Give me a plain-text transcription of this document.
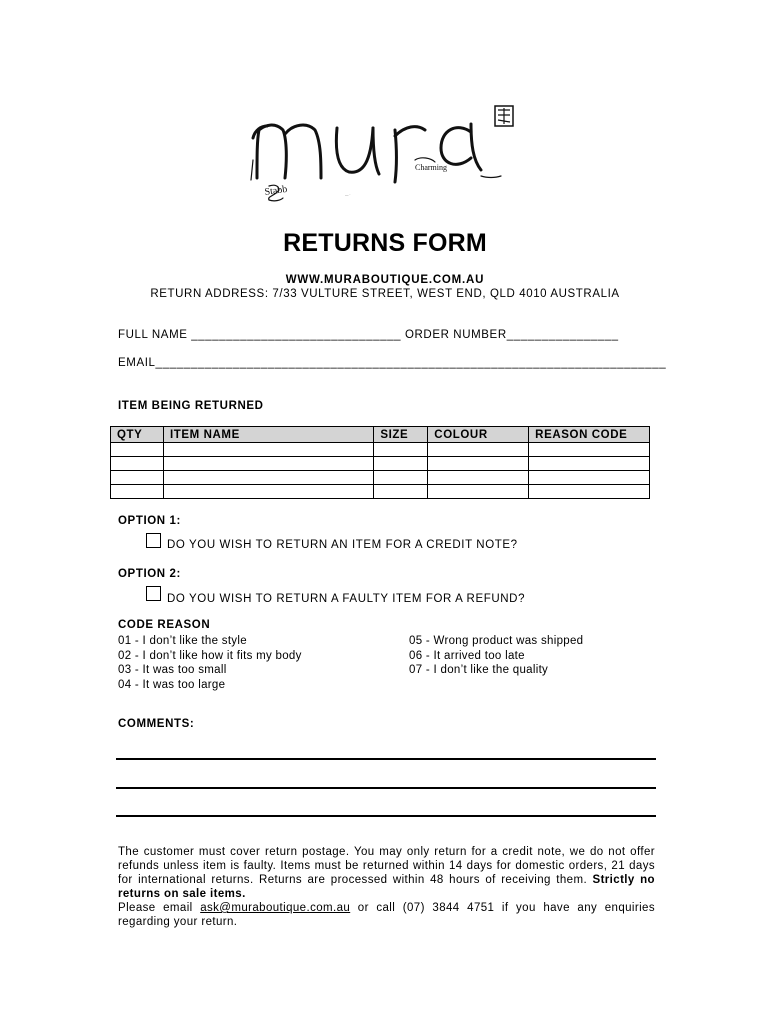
Charming
Stabb	— ·
RETURNS FORM
WWW.MURABOUTIQUE.COM.AU
RETURN ADDRESS: 7/33 VULTURE STREET, WEST END, QLD 4010 AUSTRALIA
FULL NAME ______________________________ ORDER NUMBER________________
EMAIL_________________________________________________________________________
ITEM BEING RETURNED
QTY	ITEM NAME	SIZE	COLOUR	REASON CODE

OPTION 1:
DO YOU WISH TO RETURN AN ITEM FOR A CREDIT NOTE?
OPTION 2:
DO YOU WISH TO RETURN A FAULTY ITEM FOR A REFUND?
CODE REASON
01 - I don’t like the style
02 - I don’t like how it fits my body
03 - It was too small
04 - It was too large
05 - Wrong product was shipped
06 - It arrived too late
07 - I don’t like the quality
COMMENTS:
The customer must cover return postage. You may only return for a credit note, we do not offer refunds unless item is faulty. Items must be returned within 14 days for domestic orders, 21 days for international returns. Returns are processed within 48 hours of receiving them. Strictly no returns on sale items.
Please email ask@muraboutique.com.au or call (07) 3844 4751 if you have any enquiries regarding your return.
